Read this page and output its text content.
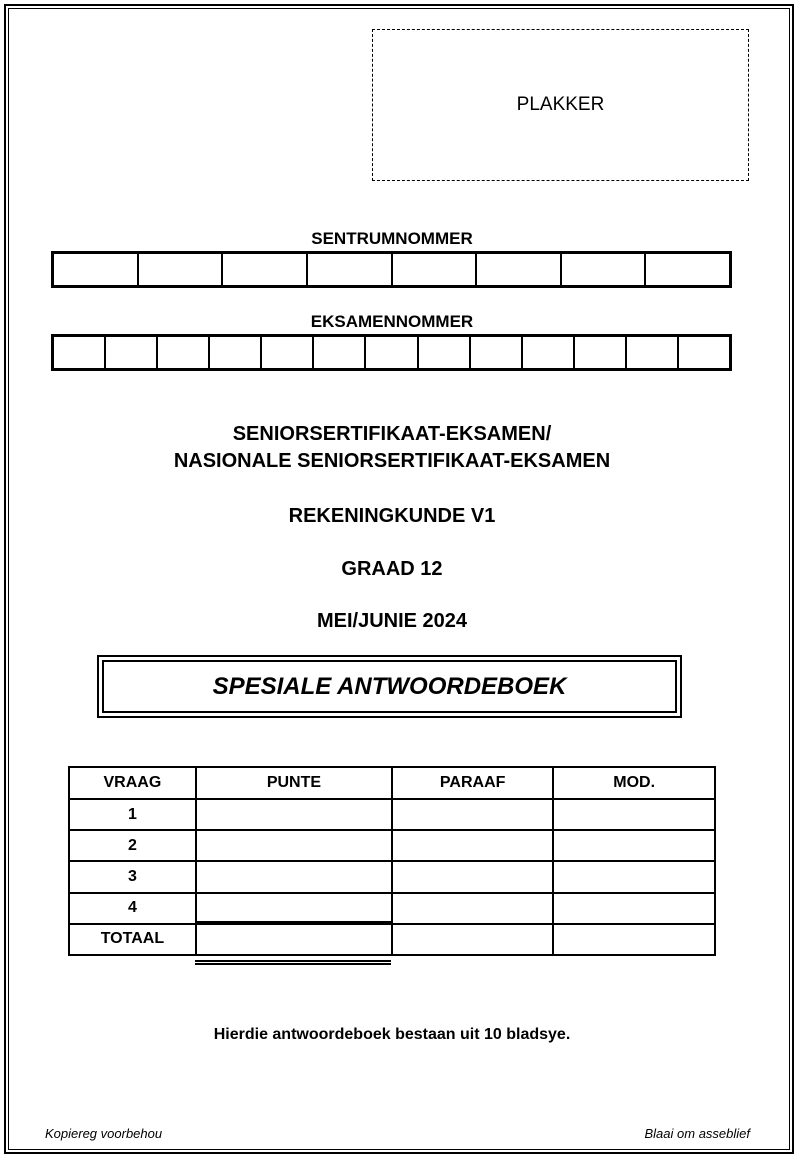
PLAKKER
SENTRUMNOMMER
EKSAMENNOMMER
SENIORSERTIFIKAAT-EKSAMEN/
NASIONALE SENIORSERTIFIKAAT-EKSAMEN
REKENINGKUNDE V1
GRAAD 12
MEI/JUNIE 2024
SPESIALE ANTWOORDEBOEK
VRAAG	PUNTE	PARAAF	MOD.
1			
2			
3			
4			
TOTAAL			
Hierdie antwoordeboek bestaan uit 10 bladsye.
Kopiereg voorbehou	Blaai om asseblief
